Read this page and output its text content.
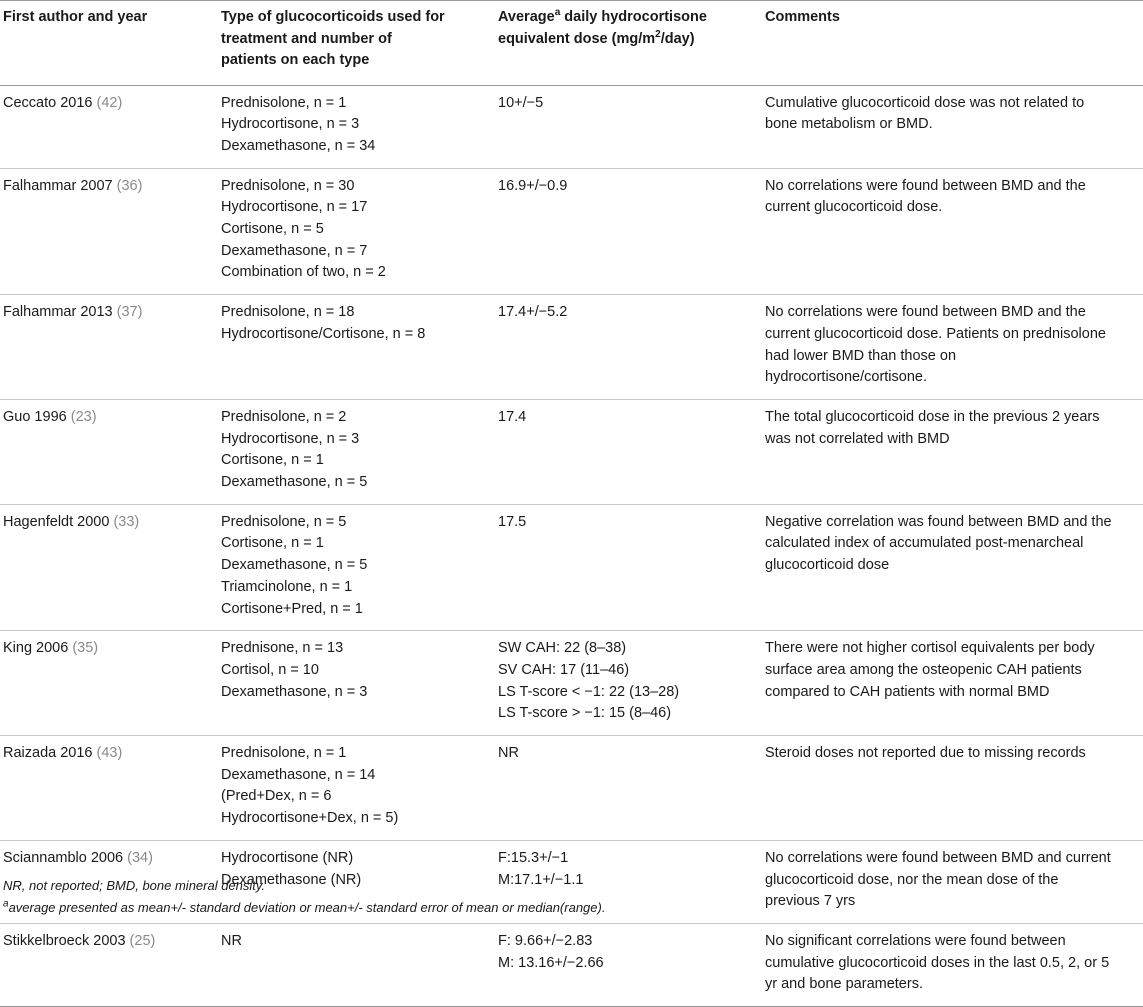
First author and year	Type of glucocorticoids used for
treatment and number of
patients on each type	Average$^a$ daily hydrocortisone
equivalent dose $(mg/m^2/day)$	Comments
Ceccato 2016 (42)	Prednisolone, n = 1
Hydrocortisone, n = 3
Dexamethasone, n = 34	10+/−5	Cumulative glucocorticoid dose was not related to
bone metabolism or BMD.

Falhammar 2007 (36)	Prednisolone, n = 30
Hydrocortisone, n = 17
Cortisone, n = 5
Dexamethasone, n = 7
Combination of two, n = 2	16.9+/−0.9	No correlations were found between BMD and the
current glucocorticoid dose.

Falhammar 2013 (37)	Prednisolone, n = 18
Hydrocortisone/Cortisone, n = 8	17.4+/−5.2	No correlations were found between BMD and the
current glucocorticoid dose. Patients on prednisolone
had lower BMD than those on
hydrocortisone/cortisone.

Guo 1996 (23)	Prednisolone, n = 2
Hydrocortisone, n = 3
Cortisone, n = 1
Dexamethasone, n = 5	17.4	The total glucocorticoid dose in the previous 2 years
was not correlated with BMD

Hagenfeldt 2000 (33)	Prednisolone, n = 5
Cortisone, n = 1
Dexamethasone, n = 5
Triamcinolone, n = 1
Cortisone+Pred, n = 1	17.5	Negative correlation was found between BMD and the
calculated index of accumulated post-menarcheal
glucocorticoid dose

King 2006 (35)	Prednisone, n = 13
Cortisol, n = 10
Dexamethasone, n = 3	SW CAH: 22 (8–38)
SV CAH: 17 (11–46)
LS T-score < −1: 22 (13–28)
LS T-score > −1: 15 (8–46)	There were not higher cortisol equivalents per body
surface area among the osteopenic CAH patients
compared to CAH patients with normal BMD

Raizada 2016 (43)	Prednisolone, n = 1
Dexamethasone, n = 14
(Pred+Dex, n = 6
Hydrocortisone+Dex, n = 5)	NR	Steroid doses not reported due to missing records

Sciannamblo 2006 (34)	Hydrocortisone (NR)
Dexamethasone (NR)	F:15.3+/−1
M:17.1+/−1.1	No correlations were found between BMD and current
glucocorticoid dose, nor the mean dose of the
previous 7 yrs

Stikkelbroeck 2003 (25)	NR	F: 9.66+/−2.83
M: 13.16+/−2.66	No significant correlations were found between
cumulative glucocorticoid doses in the last 0.5, 2, or 5
yr and bone parameters.
NR, not reported; BMD, bone mineral density.
$^a$average presented as mean+/- standard deviation or mean+/- standard error of mean or median(range).
